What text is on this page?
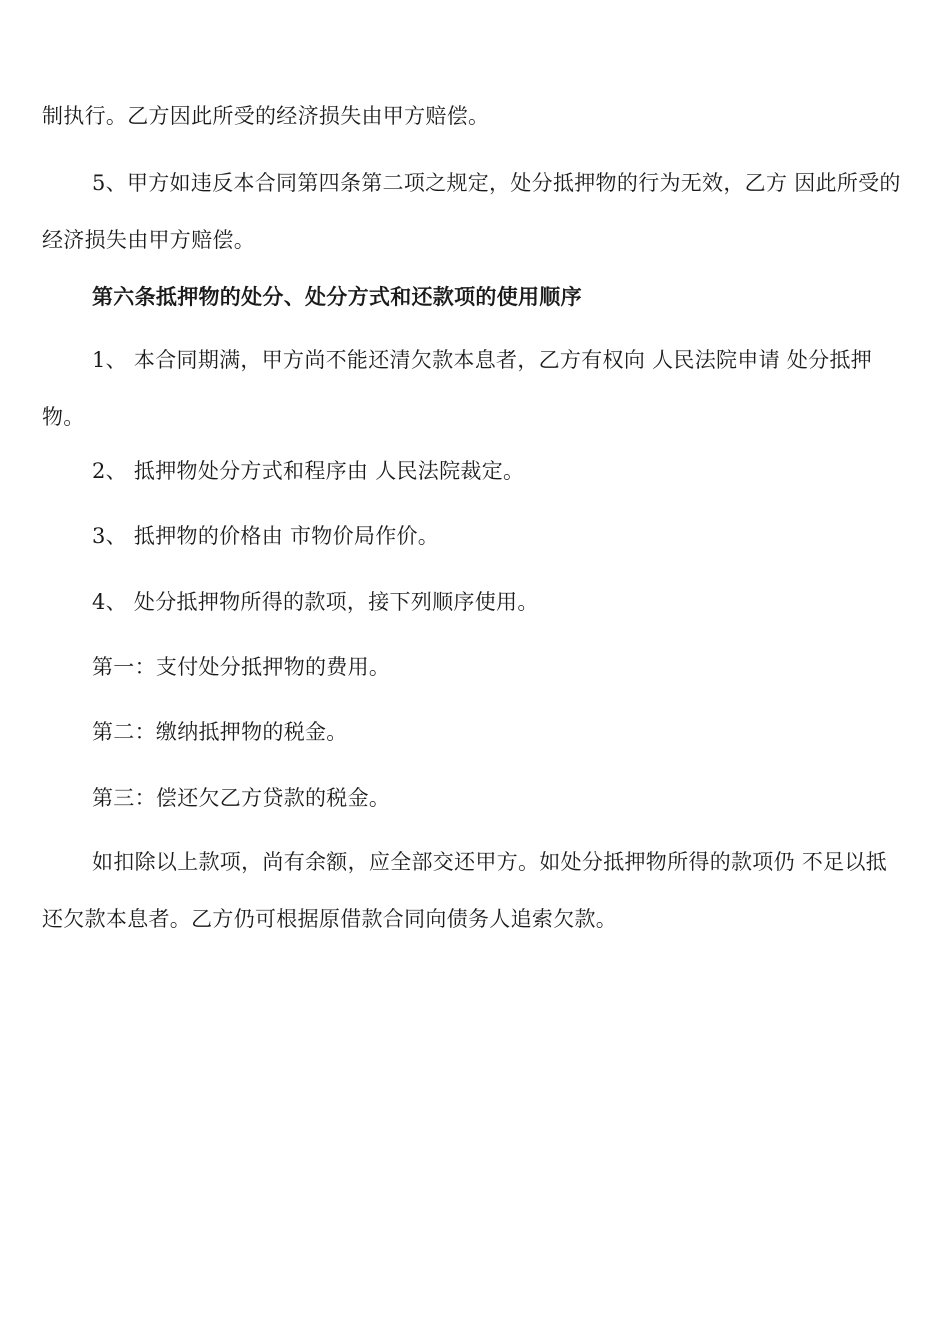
制执行。乙方因此所受的经济损失由甲方赔偿。

5、甲方如违反本合同第四条第二项之规定，处分抵押物的行为无效，乙方 因此所受的经济损失由甲方赔偿。

第六条抵押物的处分、处分方式和还款项的使用顺序

1、 本合同期满，甲方尚不能还清欠款本息者，乙方有权向 人民法院申请 处分抵押物。

2、 抵押物处分方式和程序由 人民法院裁定。

3、 抵押物的价格由 市物价局作价。

4、 处分抵押物所得的款项，接下列顺序使用。

第一：支付处分抵押物的费用。

第二：缴纳抵押物的税金。

第三：偿还欠乙方贷款的税金。

如扣除以上款项，尚有余额，应全部交还甲方。如处分抵押物所得的款项仍 不足以抵还欠款本息者。乙方仍可根据原借款合同向债务人追索欠款。
